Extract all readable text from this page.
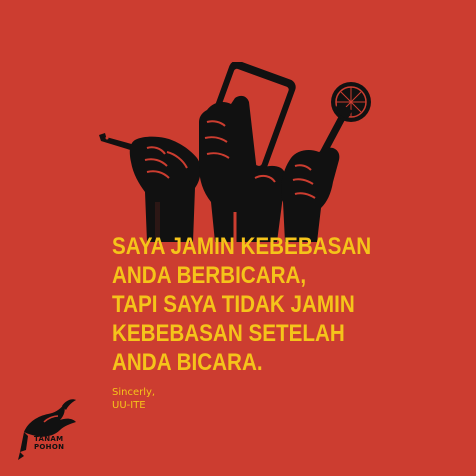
SAYA JAMIN KEBEBASAN
ANDA BERBICARA,
TAPI SAYA TIDAK JAMIN
KEBEBASAN SETELAH
ANDA BICARA.
Sincerly,
UU-ITE
TANAM
POHON
